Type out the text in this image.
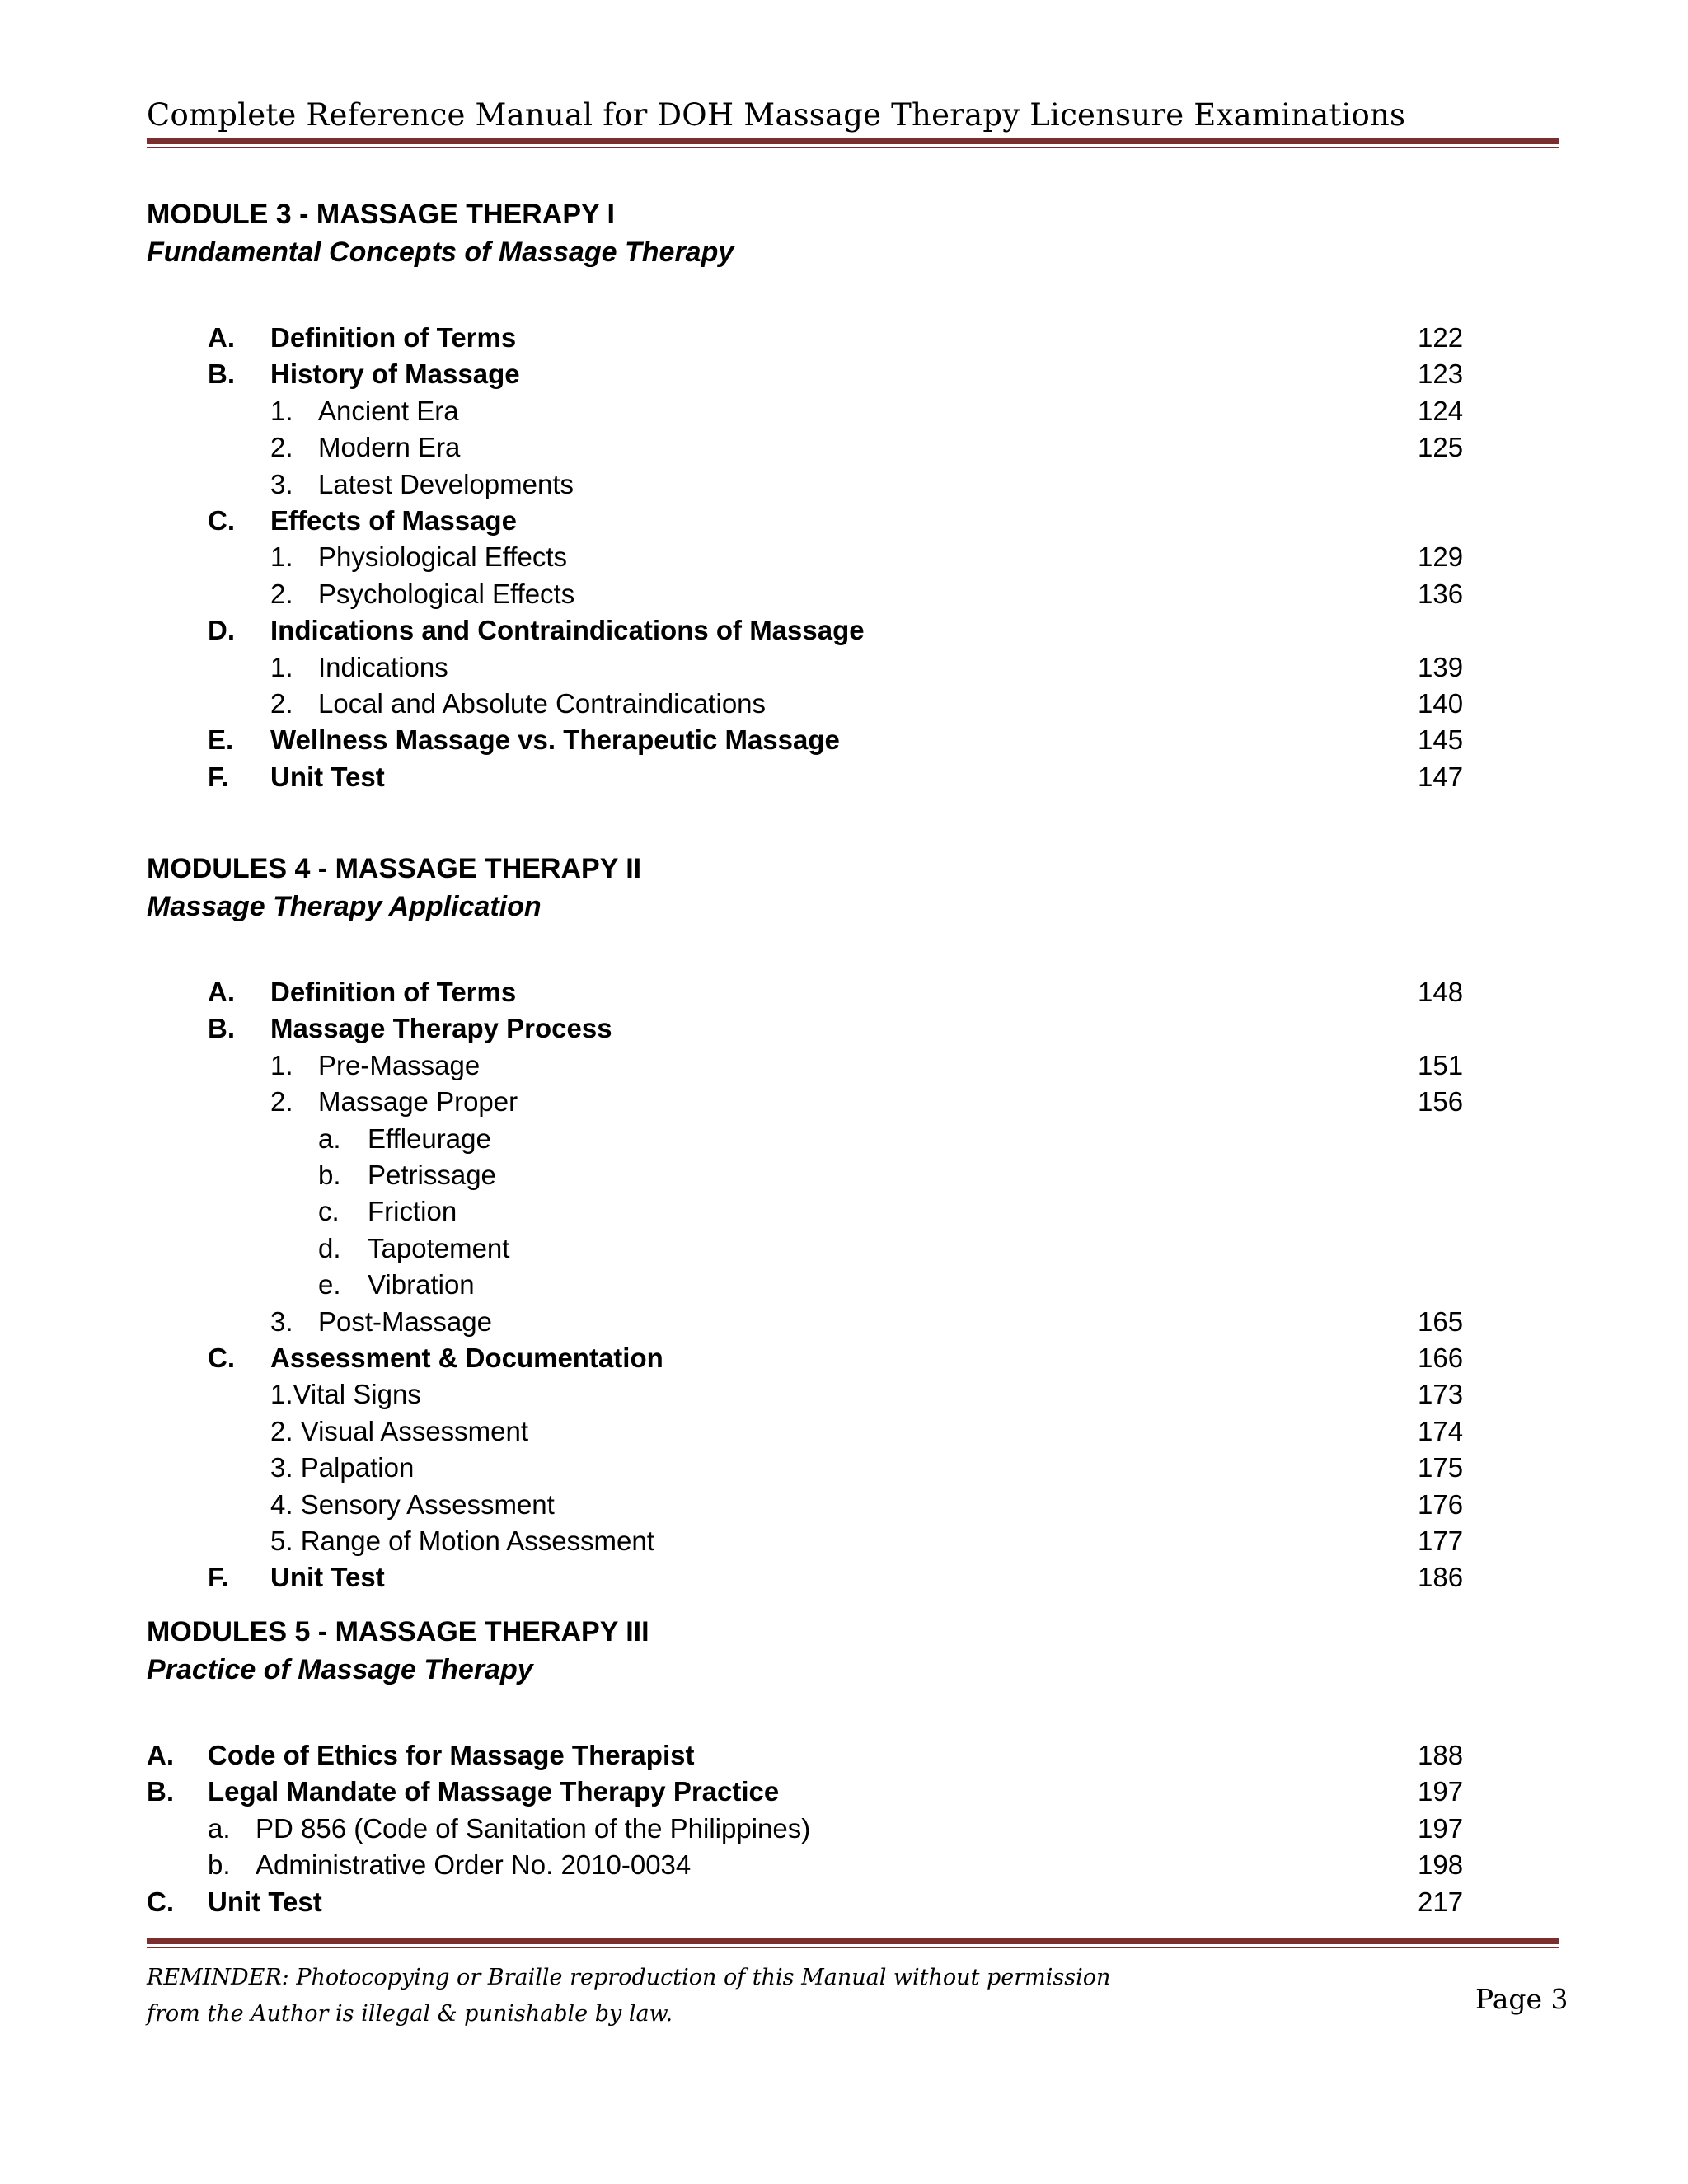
Complete Reference Manual for DOH Massage Therapy Licensure Examinations
MODULE 3 - MASSAGE THERAPY I
Fundamental Concepts of Massage Therapy
A. Definition of Terms	122
B. History of Massage	123
1. Ancient Era	124
2. Modern Era	125
3. Latest Developments
C. Effects of Massage
1. Physiological Effects	129
2. Psychological Effects	136
D. Indications and Contraindications of Massage
1. Indications	139
2. Local and Absolute Contraindications	140
E. Wellness Massage vs. Therapeutic Massage	145
F. Unit Test	147
MODULES 4 - MASSAGE THERAPY II
Massage Therapy Application
A. Definition of Terms	148
B. Massage Therapy Process
1. Pre-Massage	151
2. Massage Proper	156
a. Effleurage
b. Petrissage
c. Friction
d. Tapotement
e. Vibration
3. Post-Massage	165
C. Assessment & Documentation	166
1.Vital Signs	173
2. Visual Assessment	174
3. Palpation	175
4. Sensory Assessment	176
5. Range of Motion Assessment	177
F. Unit Test	186
MODULES 5 - MASSAGE THERAPY III
Practice of Massage Therapy
A. Code of Ethics for Massage Therapist	188
B. Legal Mandate of Massage Therapy Practice	197
a. PD 856 (Code of Sanitation of the Philippines)	197
b. Administrative Order No. 2010-0034	198
C. Unit Test	217
REMINDER: Photocopying or Braille reproduction of this Manual without permission
from the Author is illegal & punishable by law.	Page 3
